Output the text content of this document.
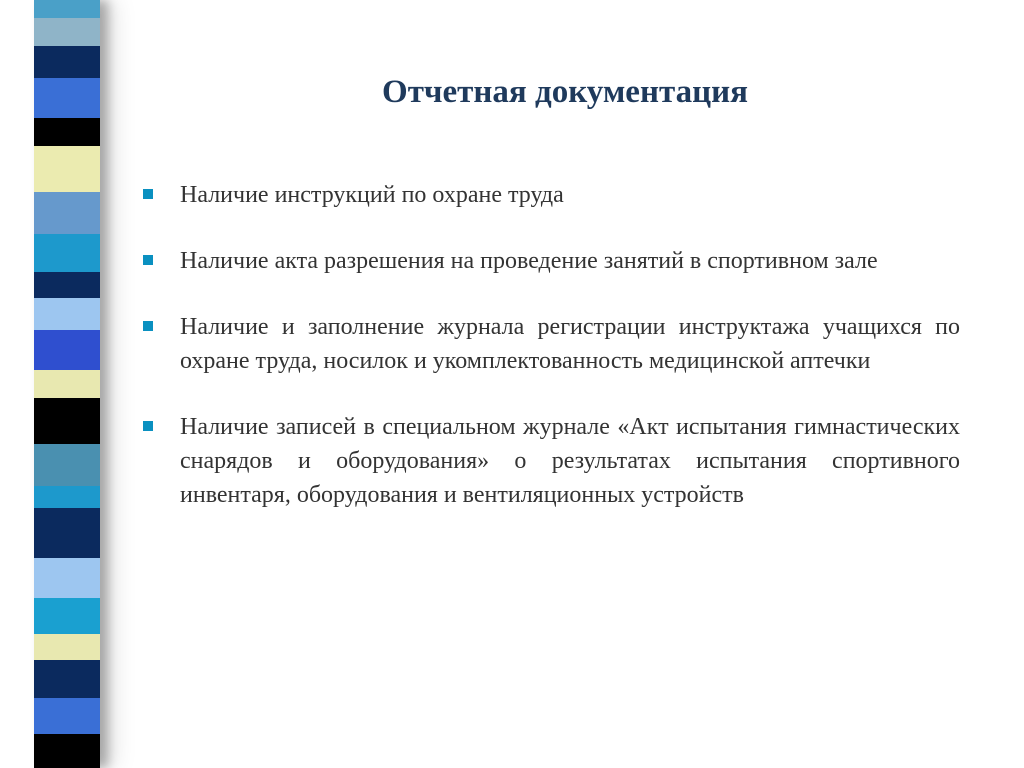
Отчетная документация
Наличие инструкций по охране труда
Наличие акта разрешения на проведение занятий в спортивном зале
Наличие и заполнение журнала регистрации инструктажа учащихся по охране труда, носилок и укомплектованность медицинской аптечки
Наличие записей в специальном журнале «Акт испытания гимнастических снарядов и оборудования» о результатах испытания спортивного инвентаря, оборудования и вентиляционных устройств
